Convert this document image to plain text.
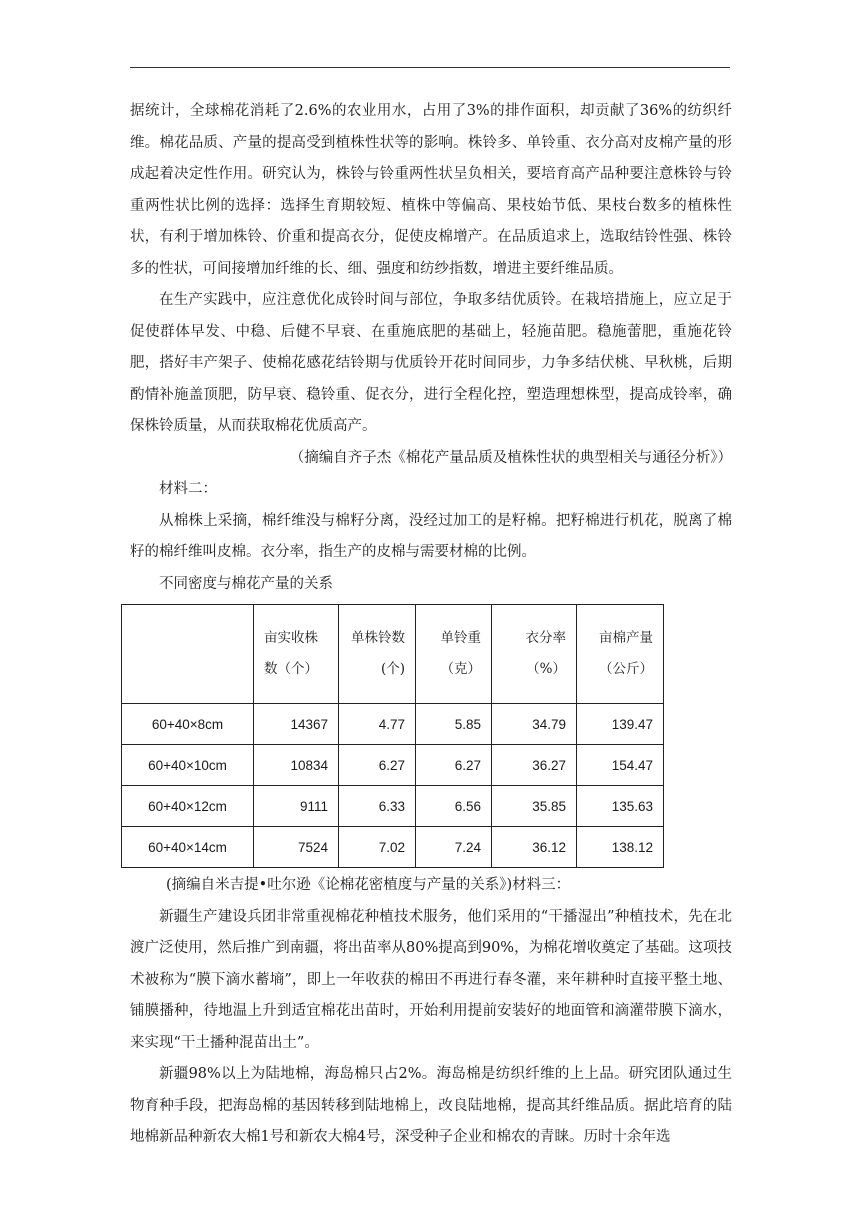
据统计，全球棉花消耗了2.6%的农业用水，占用了3%的排作面积，却贡献了36%的纺织纤维。棉花品质、产量的提高受到植株性状等的影响。株铃多、单铃重、衣分高对皮棉产量的形成起着决定性作用。研究认为，株铃与铃重两性状呈负相关，要培育高产品种要注意株铃与铃重两性状比例的选择：选择生育期较短、植株中等偏高、果枝始节低、果枝台数多的植株性状，有利于增加株铃、价重和提高衣分，促使皮棉增产。在品质追求上，选取结铃性强、株铃多的性状，可间接增加纤维的长、细、强度和纺纱指数，增进主要纤维品质。

在生产实践中，应注意优化成铃时间与部位，争取多结优质铃。在栽培措施上，应立足于促使群体早发、中稳、后健不早衰、在重施底肥的基础上，轻施苗肥。稳施蕾肥，重施花铃肥，搭好丰产架子、使棉花感花结铃期与优质铃开花时间同步，力争多结伏桃、早秋桃，后期酌情补施盖顶肥，防早衰、稳铃重、促衣分，进行全程化控，塑造理想株型，提高成铃率，确保株铃质量，从而获取棉花优质高产。

（摘编自齐子杰《棉花产量品质及植株性状的典型相关与通径分析》）

材料二：

从棉株上采摘，棉纤维没与棉籽分离，没经过加工的是籽棉。把籽棉进行机花，脱离了棉籽的棉纤维叫皮棉。衣分率，指生产的皮棉与需要材棉的比例。

不同密度与棉花产量的关系

	亩实收株数（个）	单株铃数(个)	单铃重（克）	衣分率（%）	亩棉产量（公斤）
60+40×8cm	14367	4.77	5.85	34.79	139.47
60+40×10cm	10834	6.27	6.27	36.27	154.47
60+40×12cm	9111	6.33	6.56	35.85	135.63
60+40×14cm	7524	7.02	7.24	36.12	138.12

(摘编自米吉提•吐尔逊《论棉花密植度与产量的关系》)材料三：

新疆生产建设兵团非常重视棉花种植技术服务，他们采用的“干播湿出”种植技术，先在北渡广泛使用，然后推广到南疆，将出苗率从80%提高到90%，为棉花增收奠定了基础。这项技术被称为“膜下滴水蓄墒”，即上一年收获的棉田不再进行春冬灌，来年耕种时直接平整土地、铺膜播种，待地温上升到适宜棉花出苗时，开始利用提前安装好的地面管和滴灌带膜下滴水，来实现“干土播种混苗出土”。

新疆98%以上为陆地棉，海岛棉只占2%。海岛棉是纺织纤维的上上品。研究团队通过生物育种手段，把海岛棉的基因转移到陆地棉上，改良陆地棉，提高其纤维品质。据此培育的陆地棉新品种新农大棉1号和新农大棉4号，深受种子企业和棉农的青睐。历时十余年选
